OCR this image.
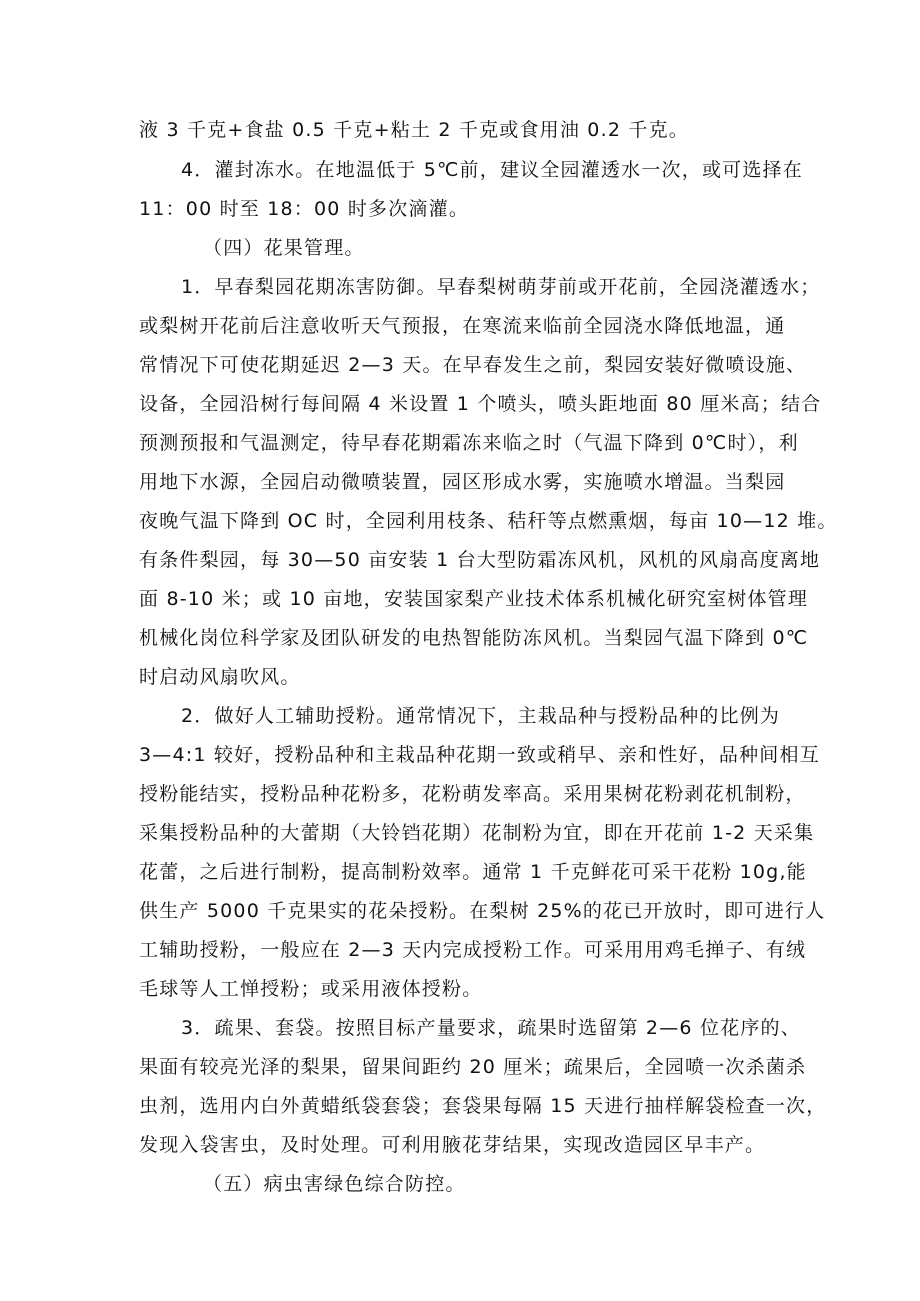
液 3 千克+食盐 0.5 千克+粘土 2 千克或食用油 0.2 千克。
4．灌封冻水。在地温低于 5℃前，建议全园灌透水一次，或可选择在
11：00 时至 18：00 时多次滴灌。
（四）花果管理。
1．早春梨园花期冻害防御。早春梨树萌芽前或开花前，全园浇灌透水；
或梨树开花前后注意收听天气预报，在寒流来临前全园浇水降低地温，通
常情况下可使花期延迟 2—3 天。在早春发生之前，梨园安装好微喷设施、
设备，全园沿树行每间隔 4 米设置 1 个喷头，喷头距地面 80 厘米高；结合
预测预报和气温测定，待早春花期霜冻来临之时（气温下降到 0℃时），利
用地下水源，全园启动微喷装置，园区形成水雾，实施喷水增温。当梨园
夜晚气温下降到 OC 时，全园利用枝条、秸秆等点燃熏烟，每亩 10—12 堆。
有条件梨园，每 30—50 亩安装 1 台大型防霜冻风机，风机的风扇高度离地
面 8-10 米；或 10 亩地，安装国家梨产业技术体系机械化研究室树体管理
机械化岗位科学家及团队研发的电热智能防冻风机。当梨园气温下降到 0℃
时启动风扇吹风。
2．做好人工辅助授粉。通常情况下，主栽品种与授粉品种的比例为
3—4:1 较好，授粉品种和主栽品种花期一致或稍早、亲和性好，品种间相互
授粉能结实，授粉品种花粉多，花粉萌发率高。采用果树花粉剥花机制粉，
采集授粉品种的大蕾期（大铃铛花期）花制粉为宜，即在开花前 1-2 天采集
花蕾，之后进行制粉，提高制粉效率。通常 1 千克鲜花可采干花粉 10g,能
供生产 5000 千克果实的花朵授粉。在梨树 25%的花已开放时，即可进行人
工辅助授粉，一般应在 2—3 天内完成授粉工作。可采用用鸡毛掸子、有绒
毛球等人工惮授粉；或采用液体授粉。
3．疏果、套袋。按照目标产量要求，疏果时选留第 2—6 位花序的、
果面有较亮光泽的梨果，留果间距约 20 厘米；疏果后，全园喷一次杀菌杀
虫剂，选用内白外黄蜡纸袋套袋；套袋果每隔 15 天进行抽样解袋检查一次，
发现入袋害虫，及时处理。可利用腋花芽结果，实现改造园区早丰产。
（五）病虫害绿色综合防控。
